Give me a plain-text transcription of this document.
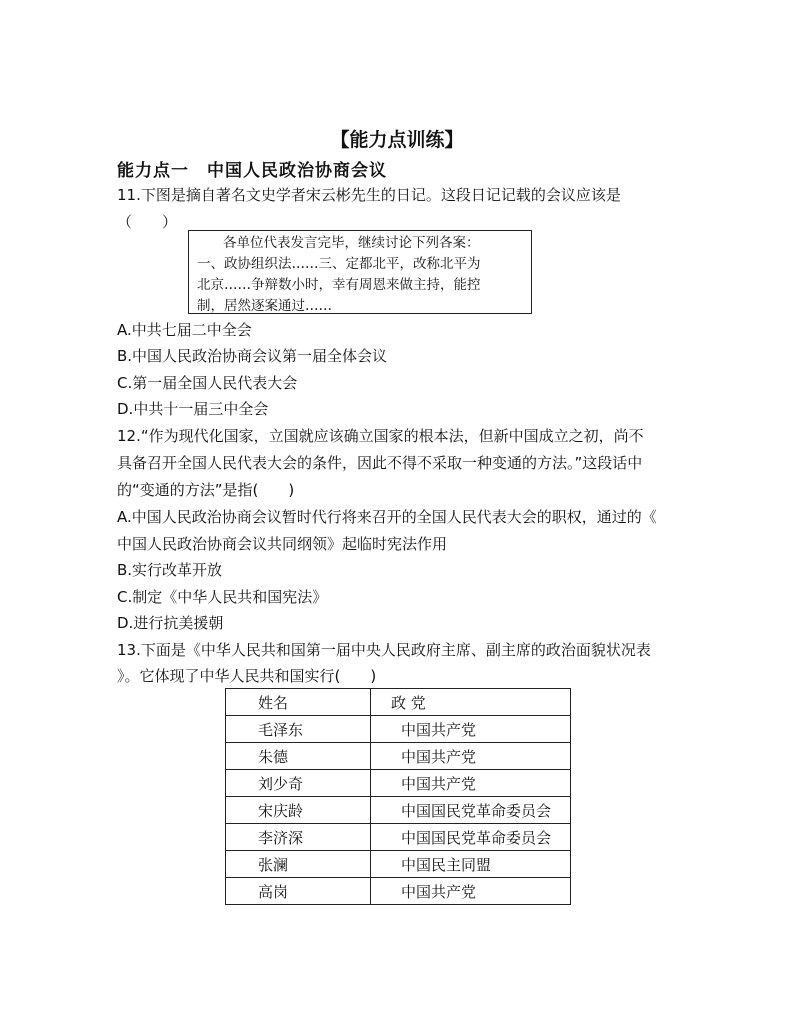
【能力点训练】
能力点一　中国人民政治协商会议
11.下图是摘自著名文史学者宋云彬先生的日记。这段日记记载的会议应该是
（　　）
各单位代表发言完毕，继续讨论下列各案：
一、政协组织法……三、定都北平，改称北平为
北京……争辩数小时，幸有周恩来做主持，能控
制，居然逐案通过……
A.中共七届二中全会
B.中国人民政治协商会议第一届全体会议
C.第一届全国人民代表大会
D.中共十一届三中全会
12.“作为现代化国家，立国就应该确立国家的根本法，但新中国成立之初，尚不
具备召开全国人民代表大会的条件，因此不得不采取一种变通的方法。”这段话中
的“变通的方法”是指(　　)
A.中国人民政治协商会议暂时代行将来召开的全国人民代表大会的职权，通过的《
中国人民政治协商会议共同纲领》起临时宪法作用
B.实行改革开放
C.制定《中华人民共和国宪法》
D.进行抗美援朝
13.下面是《中华人民共和国第一届中央人民政府主席、副主席的政治面貌状况表
》。它体现了中华人民共和国实行(　　)
姓名	政 党
毛泽东	中国共产党
朱德	中国共产党
刘少奇	中国共产党
宋庆龄	中国国民党革命委员会
李济深	中国国民党革命委员会
张澜	中国民主同盟
高岗	中国共产党
